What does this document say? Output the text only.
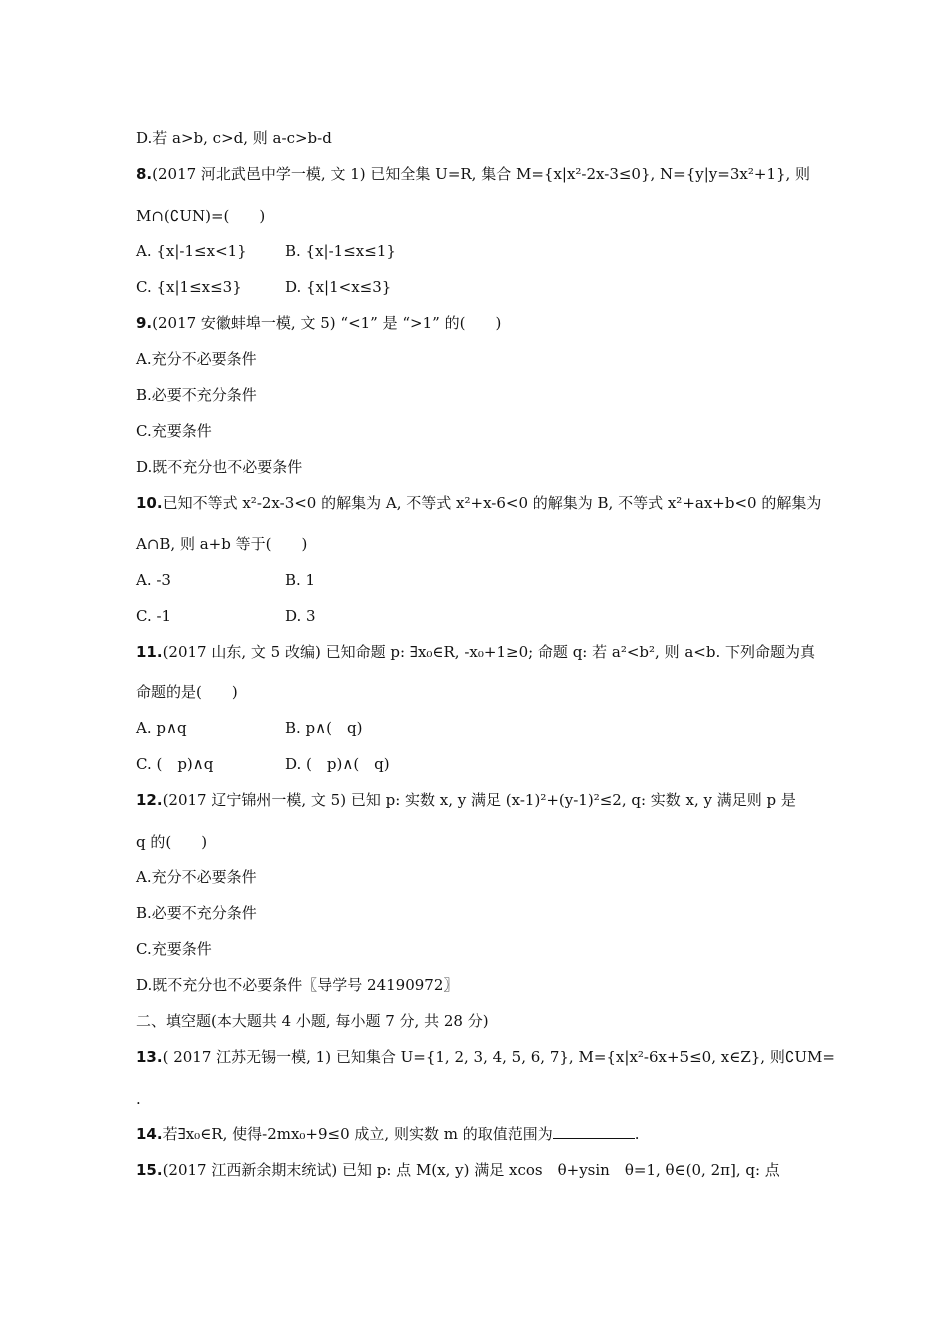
D.若 a>b, c>d, 则 a-c>b-d
8.(2017 河北武邑中学一模, 文 1) 已知全集 U=R, 集合 M={x|x²-2x-3≤0}, N={y|y=3x²+1}, 则
M∩(∁UN)=(　　)
A. {x|-1≤x<1}	B. {x|-1≤x≤1}
C. {x|1≤x≤3}	D. {x|1<x≤3}
9.(2017 安徽蚌埠一模, 文 5) “<1” 是 “>1” 的(　　)
A.充分不必要条件
B.必要不充分条件
C.充要条件
D.既不充分也不必要条件
10.已知不等式 x²-2x-3<0 的解集为 A, 不等式 x²+x-6<0 的解集为 B, 不等式 x²+ax+b<0 的解集为
A∩B, 则 a+b 等于(　　)
A. -3	B. 1
C. -1	D. 3
11.(2017 山东, 文 5 改编) 已知命题 p: ∃x₀∈R, -x₀+1≥0; 命题 q: 若 a²<b², 则 a<b. 下列命题为真
命题的是(　　)
A. p∧q	B. p∧(　q)
C. (　p)∧q	D. (　p)∧(　q)
12.(2017 辽宁锦州一模, 文 5) 已知 p: 实数 x, y 满足 (x-1)²+(y-1)²≤2, q: 实数 x, y 满足则 p 是
q 的(　　)
A.充分不必要条件
B.必要不充分条件
C.充要条件
D.既不充分也不必要条件〖导学号 24190972〗
二、填空题(本大题共 4 小题, 每小题 7 分, 共 28 分)
13.( 2017 江苏无锡一模, 1) 已知集合 U={1, 2, 3, 4, 5, 6, 7}, M={x|x²-6x+5≤0, x∈Z}, 则∁UM=
.
14.若∃x₀∈R, 使得-2mx₀+9≤0 成立, 则实数 m 的取值范围为	.
15.(2017 江西新余期末统试) 已知 p: 点 M(x, y) 满足 xcos　θ+ysin　θ=1, θ∈(0, 2π], q: 点
